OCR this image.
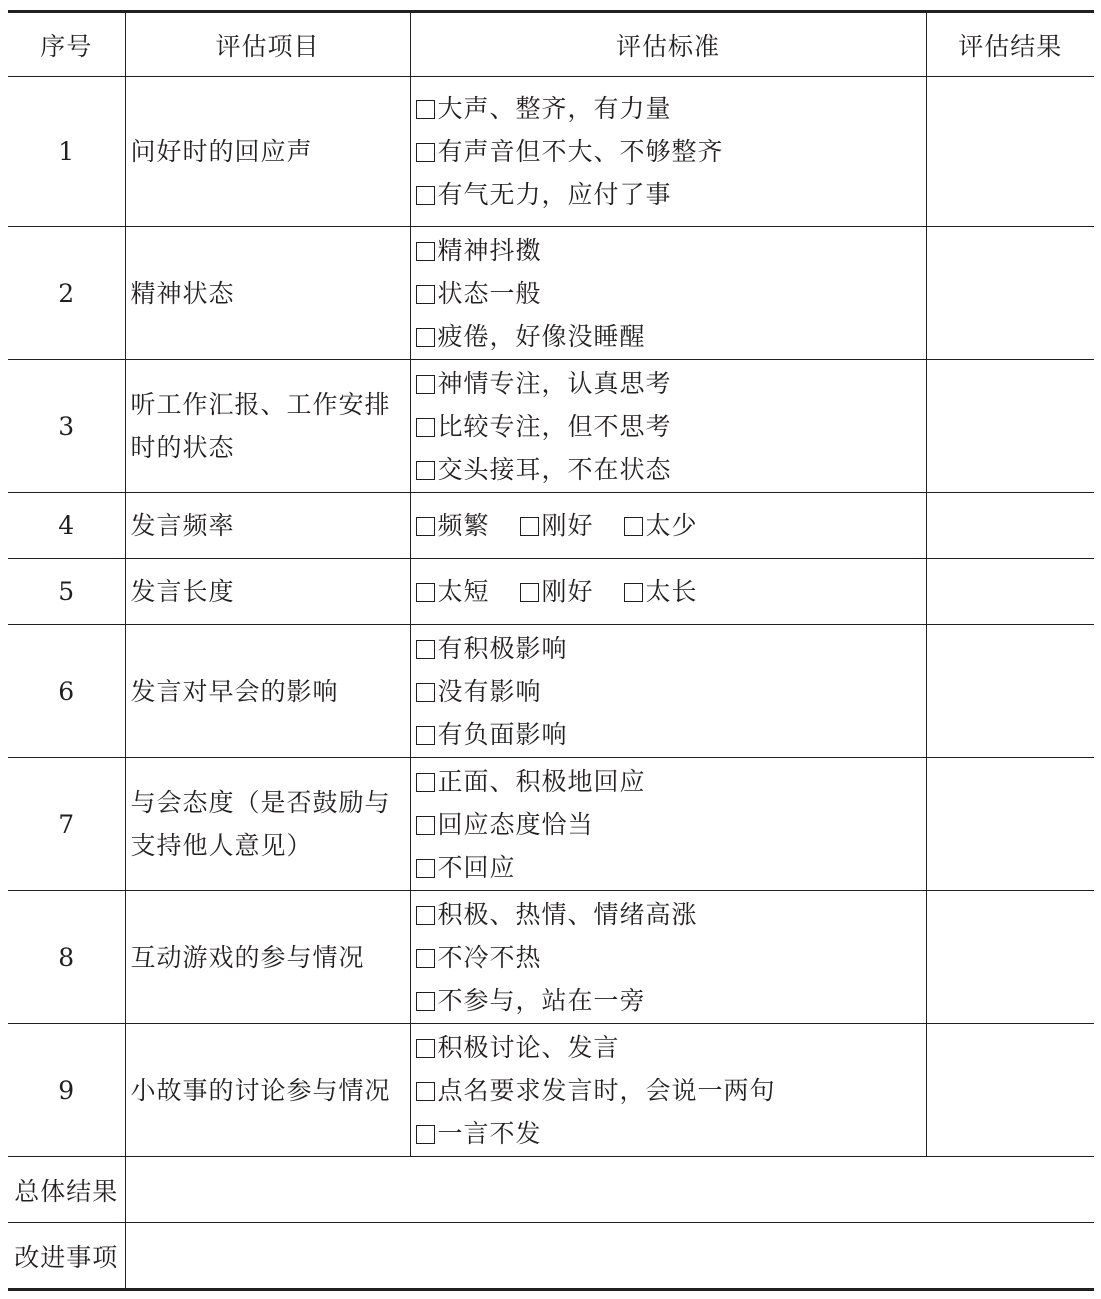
序号	评估项目	评估标准	评估结果
1	问好时的回应声	大声、整齐，有力量
有声音但不大、不够整齐
有气无力，应付了事	

2	精神状态	精神抖擞
状态一般
疲倦，好像没睡醒	

3	听工作汇报、工作安排时的状态	神情专注，认真思考
比较专注，但不思考
交头接耳，不在状态	

4	发言频率	频繁 刚好 太少	
5	发言长度	太短 刚好 太长	
6	发言对早会的影响	有积极影响
没有影响
有负面影响	

7	与会态度（是否鼓励与支持他人意见）	正面、积极地回应
回应态度恰当
不回应	

8	互动游戏的参与情况	积极、热情、情绪高涨
不冷不热
不参与，站在一旁	

9	小故事的讨论参与情况	积极讨论、发言
点名要求发言时，会说一两句
一言不发	

总体结果			
改进事项			
